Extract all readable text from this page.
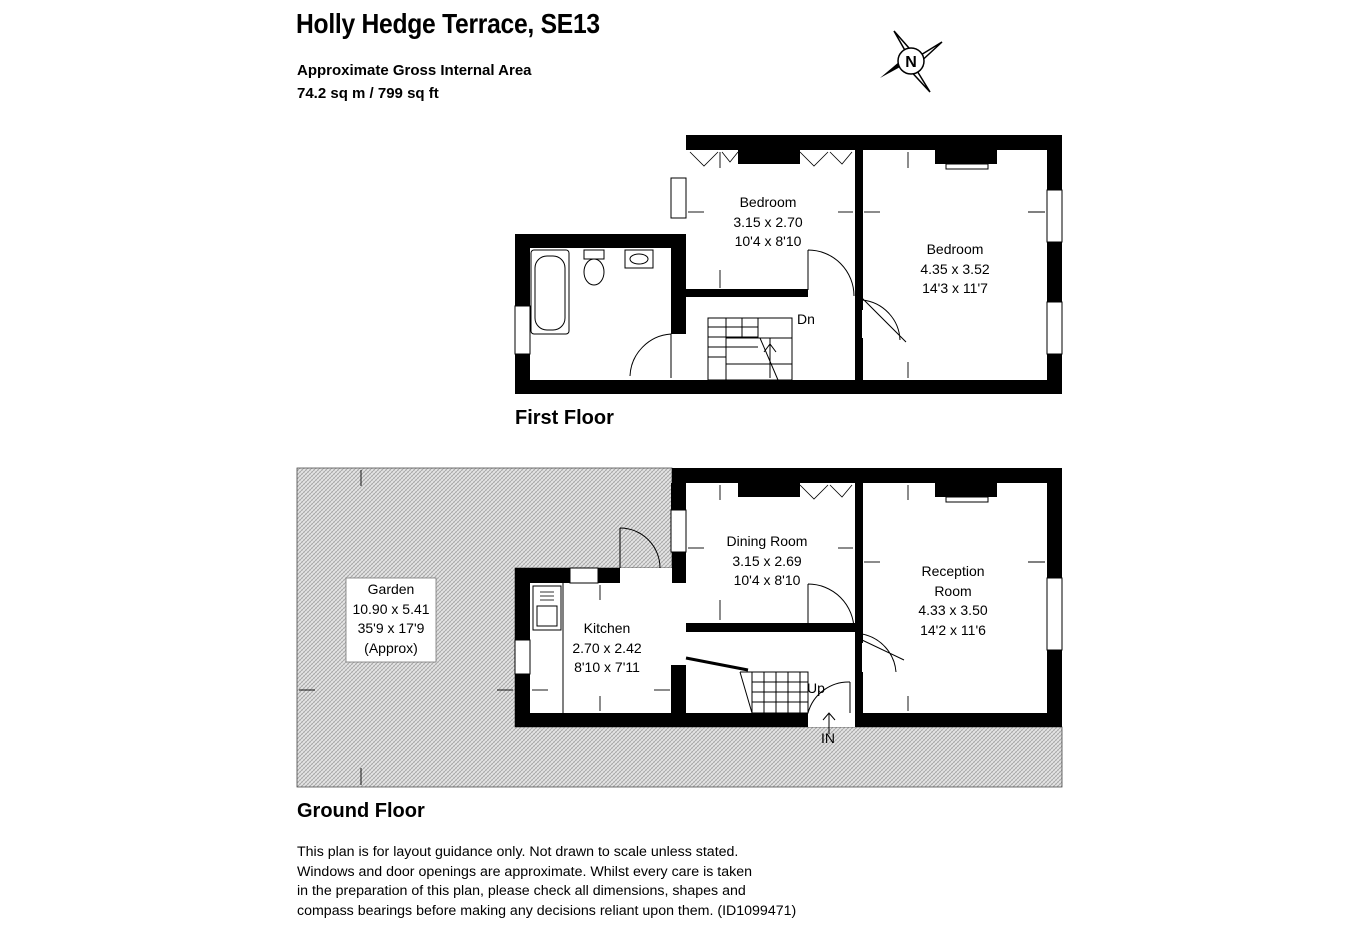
Holly Hedge Terrace, SE13
Approximate Gross Internal Area
74.2 sq m / 799 sq ft
N
Bedroom
3.15 x 2.70
10'4 x 8'10	Bedroom
4.35 x 3.52
14'3 x 11'7
Dn
First Floor
Garden
10.90 x 5.41
35'9 x 17'9
(Approx)
Dining Room
3.15 x 2.69
10'4 x 8'10
Reception
Room
4.33 x 3.50
14'2 x 11'6
Kitchen
2.70 x 2.42
8'10 x 7'11
Up
IN
Ground Floor
This plan is for layout guidance only. Not drawn to scale unless stated.
Windows and door openings are approximate. Whilst every care is taken
in the preparation of this plan, please check all dimensions, shapes and
compass bearings before making any decisions reliant upon them. (ID1099471)
